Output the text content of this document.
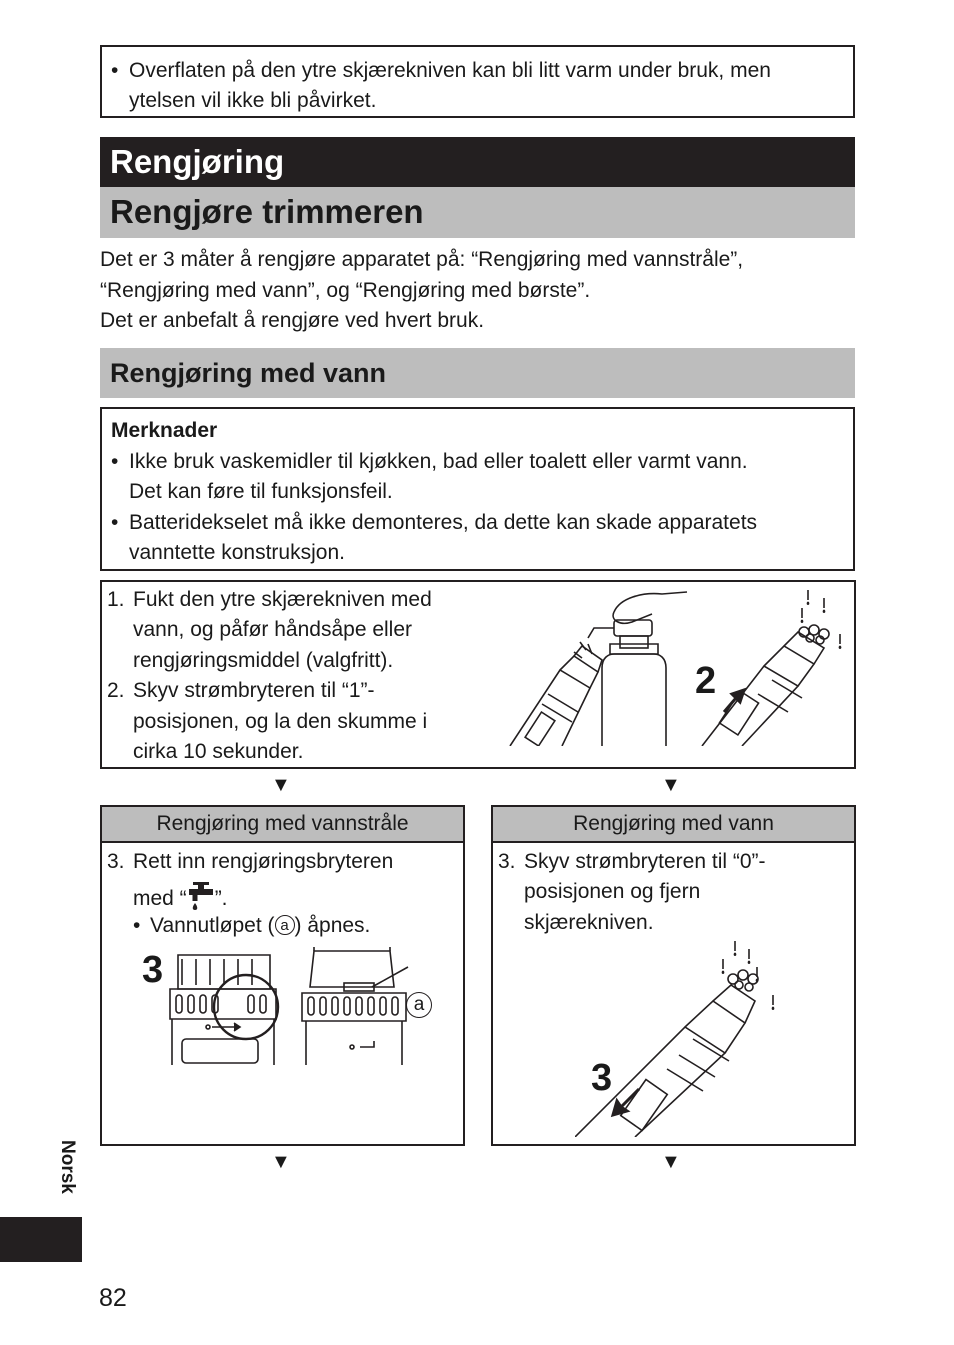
• Overflaten på den ytre skjærekniven kan bli litt varm under bruk, men
ytelsen vil ikke bli påvirket.
Rengjøring
Rengjøre trimmeren
Det er 3 måter å rengjøre apparatet på: “Rengjøring med vannstråle”,
“Rengjøring med vann”, og “Rengjøring med børste”.
Det er anbefalt å rengjøre ved hvert bruk.
Rengjøring med vann
Merknader
• Ikke bruk vaskemidler til kjøkken, bad eller toalett eller varmt vann.
Det kan føre til funksjonsfeil.
• Batteridekselet må ikke demonteres, da dette kan skade apparatets
vanntette konstruksjon.
1. Fukt den ytre skjærekniven med
vann, og påfør håndsåpe eller
rengjøringsmiddel (valgfritt).
2. Skyv strømbryteren til “1”-
posisjonen, og la den skumme i
cirka 10 sekunder.
2
▼	▼
Rengjøring med vannstråle
3. Rett inn rengjøringsbryteren
med “ ”.
• Vannutløpet ( a ) åpnes.
3
a
Rengjøring med vann
3. Skyv strømbryteren til “0”-
posisjonen og fjern
skjærekniven.
3
▼	▼
Norsk
82
